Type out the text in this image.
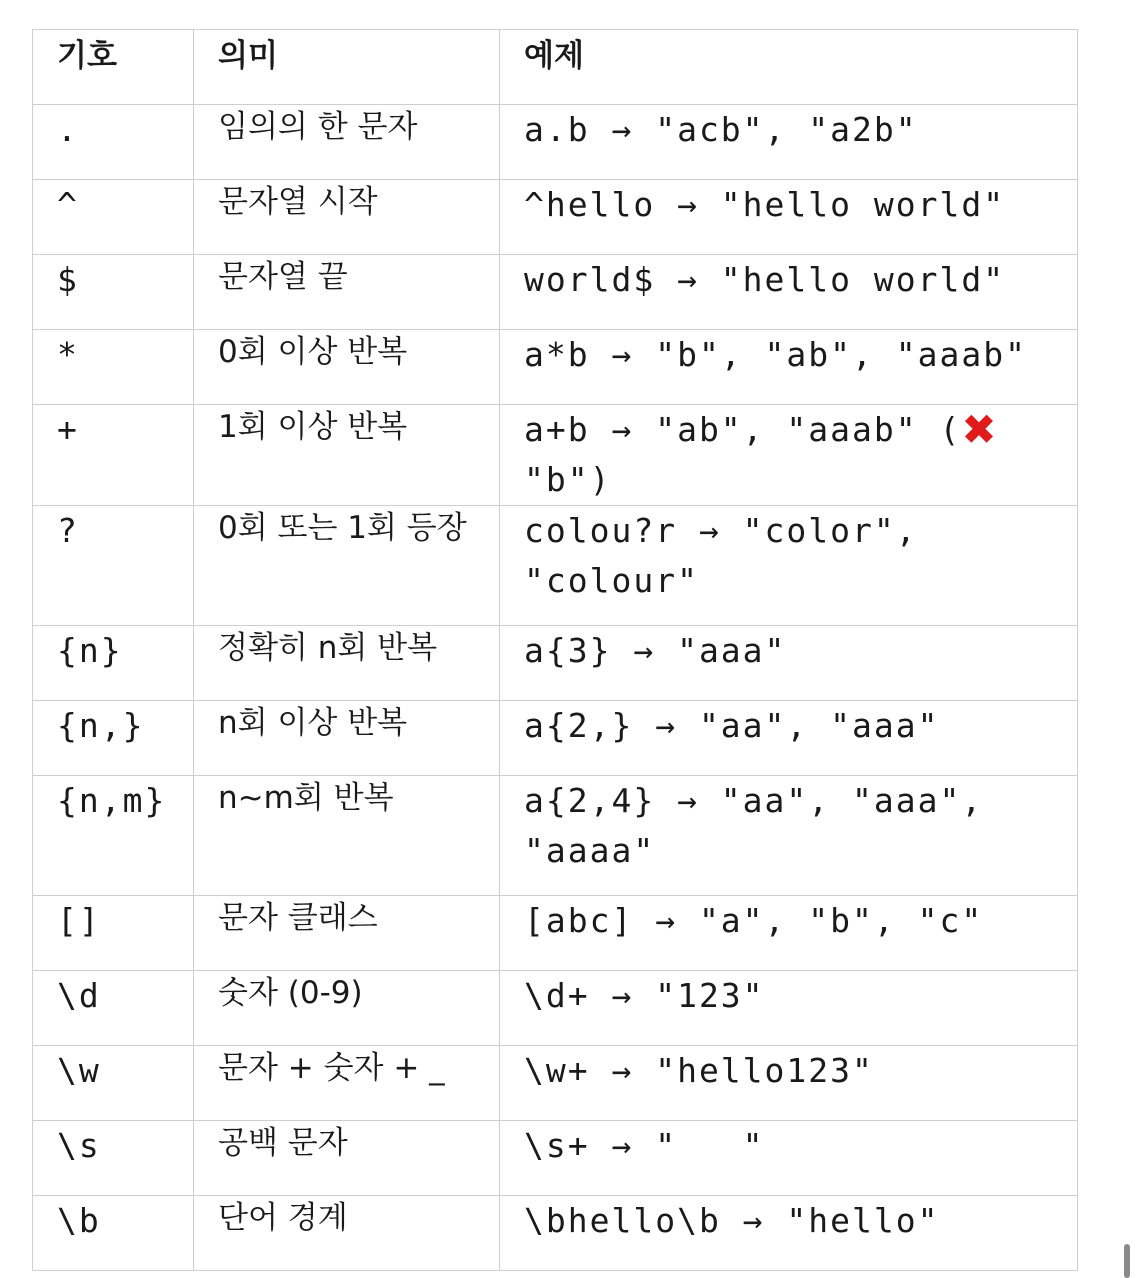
기호	의미	예제
.	임의의 한 문자	a.b → "acb", "a2b"
^	문자열 시작	^hello → "hello world"
$	문자열 끝	world$ → "hello world"
*	0회 이상 반복	a*b → "b", "ab", "aaab"
+	1회 이상 반복	a+b → "ab", "aaab" (✖ "b")
?	0회 또는 1회 등장	colou?r → "color", "colour"
{n}	정확히 n회 반복	a{3} → "aaa"
{n,}	n회 이상 반복	a{2,} → "aa", "aaa"
{n,m}	n~m회 반복	a{2,4} → "aa", "aaa", "aaaa"
[]	문자 클래스	[abc] → "a", "b", "c"
\d	숫자 (0-9)	\d+ → "123"
\w	문자 + 숫자 + _	\w+ → "hello123"
\s	공백 문자	\s+ → "   "
\b	단어 경계	\bhello\b → "hello"
